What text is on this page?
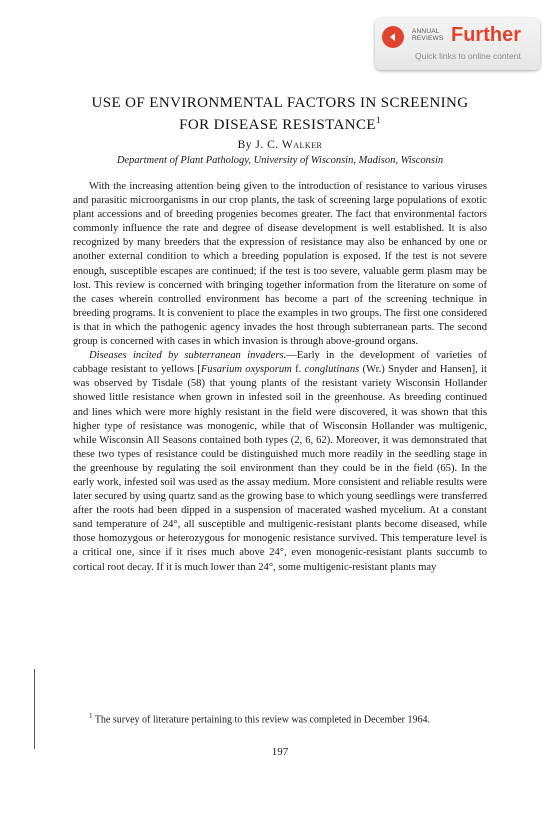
ANNUAL
REVIEWS Further
Quick links to online content
USE OF ENVIRONMENTAL FACTORS IN SCREENING
FOR DISEASE RESISTANCE$^1$
By J. C. Walker
Department of Plant Pathology, University of Wisconsin, Madison, Wisconsin

With the increasing attention being given to the introduction of resistance to various viruses and parasitic microorganisms in our crop plants, the task of screening large populations of exotic plant accessions and of breeding progenies becomes greater. The fact that environmental factors commonly influence the rate and degree of disease development is well established. It is also recognized by many breeders that the expression of resistance may also be enhanced by one or another external condition to which a breeding population is exposed. If the test is not severe enough, susceptible escapes are continued; if the test is too severe, valuable germ plasm may be lost. This review is concerned with bringing together information from the literature on some of the cases wherein controlled environment has become a part of the screening technique in breeding programs. It is convenient to place the examples in two groups. The first one considered is that in which the pathogenic agency invades the host through subterranean parts. The second group is concerned with cases in which invasion is through above-ground organs.

Diseases incited by subterranean invaders.—Early in the development of varieties of cabbage resistant to yellows [Fusarium oxysporum f. conglutinans (Wr.) Snyder and Hansen], it was observed by Tisdale (58) that young plants of the resistant variety Wisconsin Hollander showed little resistance when grown in infested soil in the greenhouse. As breeding continued and lines which were more highly resistant in the field were discovered, it was shown that this higher type of resistance was monogenic, while that of Wisconsin Hollander was multigenic, while Wisconsin All Seasons contained both types (2, 6, 62). Moreover, it was demonstrated that these two types of resistance could be distinguished much more readily in the seedling stage in the greenhouse by regulating the soil environment than they could be in the field (65). In the early work, infested soil was used as the assay medium. More consistent and reliable results were later secured by using quartz sand as the growing base to which young seedlings were transferred after the roots had been dipped in a suspension of macerated washed mycelium. At a constant sand temperature of 24°, all susceptible and multigenic-resistant plants become diseased, while those homozygous or heterozygous for monogenic resistance survived. This temperature level is a critical one, since if it rises much above 24°, even monogenic-resistant plants succumb to cortical root decay. If it is much lower than 24°, some multigenic-resistant plants may

$^1$ The survey of literature pertaining to this review was completed in December 1964.

197
